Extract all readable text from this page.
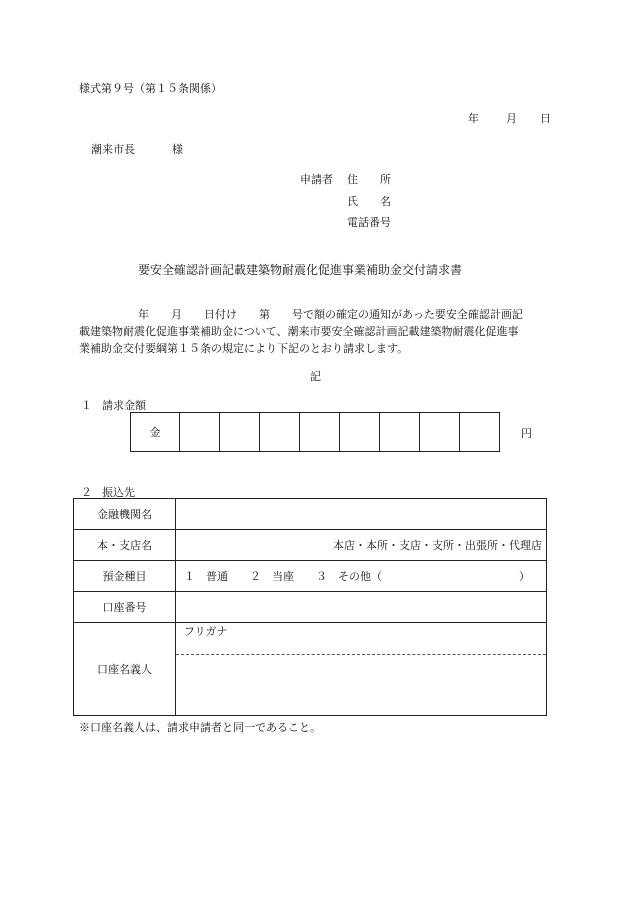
様式第９号（第１５条関係）
年 月 日
潮来市長	様
申請者 住　　所
氏　　名
電話番号
要安全確認計画記載建築物耐震化促進事業補助金交付請求書
年　　月　　日付け　　第　　号で額の確定の通知があった要安全確認計画記
載建築物耐震化促進事業補助金について、潮来市要安全確認計画記載建築物耐震化促進事
業補助金交付要綱第１５条の規定により下記のとおり請求します。
記
１ 請求金額
金									円
２ 振込先
金融機関名	
本・支店名	本店・本所・支店・支所・出張所・代理店
預金種目	１　普通　　２　当座　　３　その他（ ）

口座番号	
口座名義人	フリガナ
※口座名義人は、請求申請者と同一であること。
